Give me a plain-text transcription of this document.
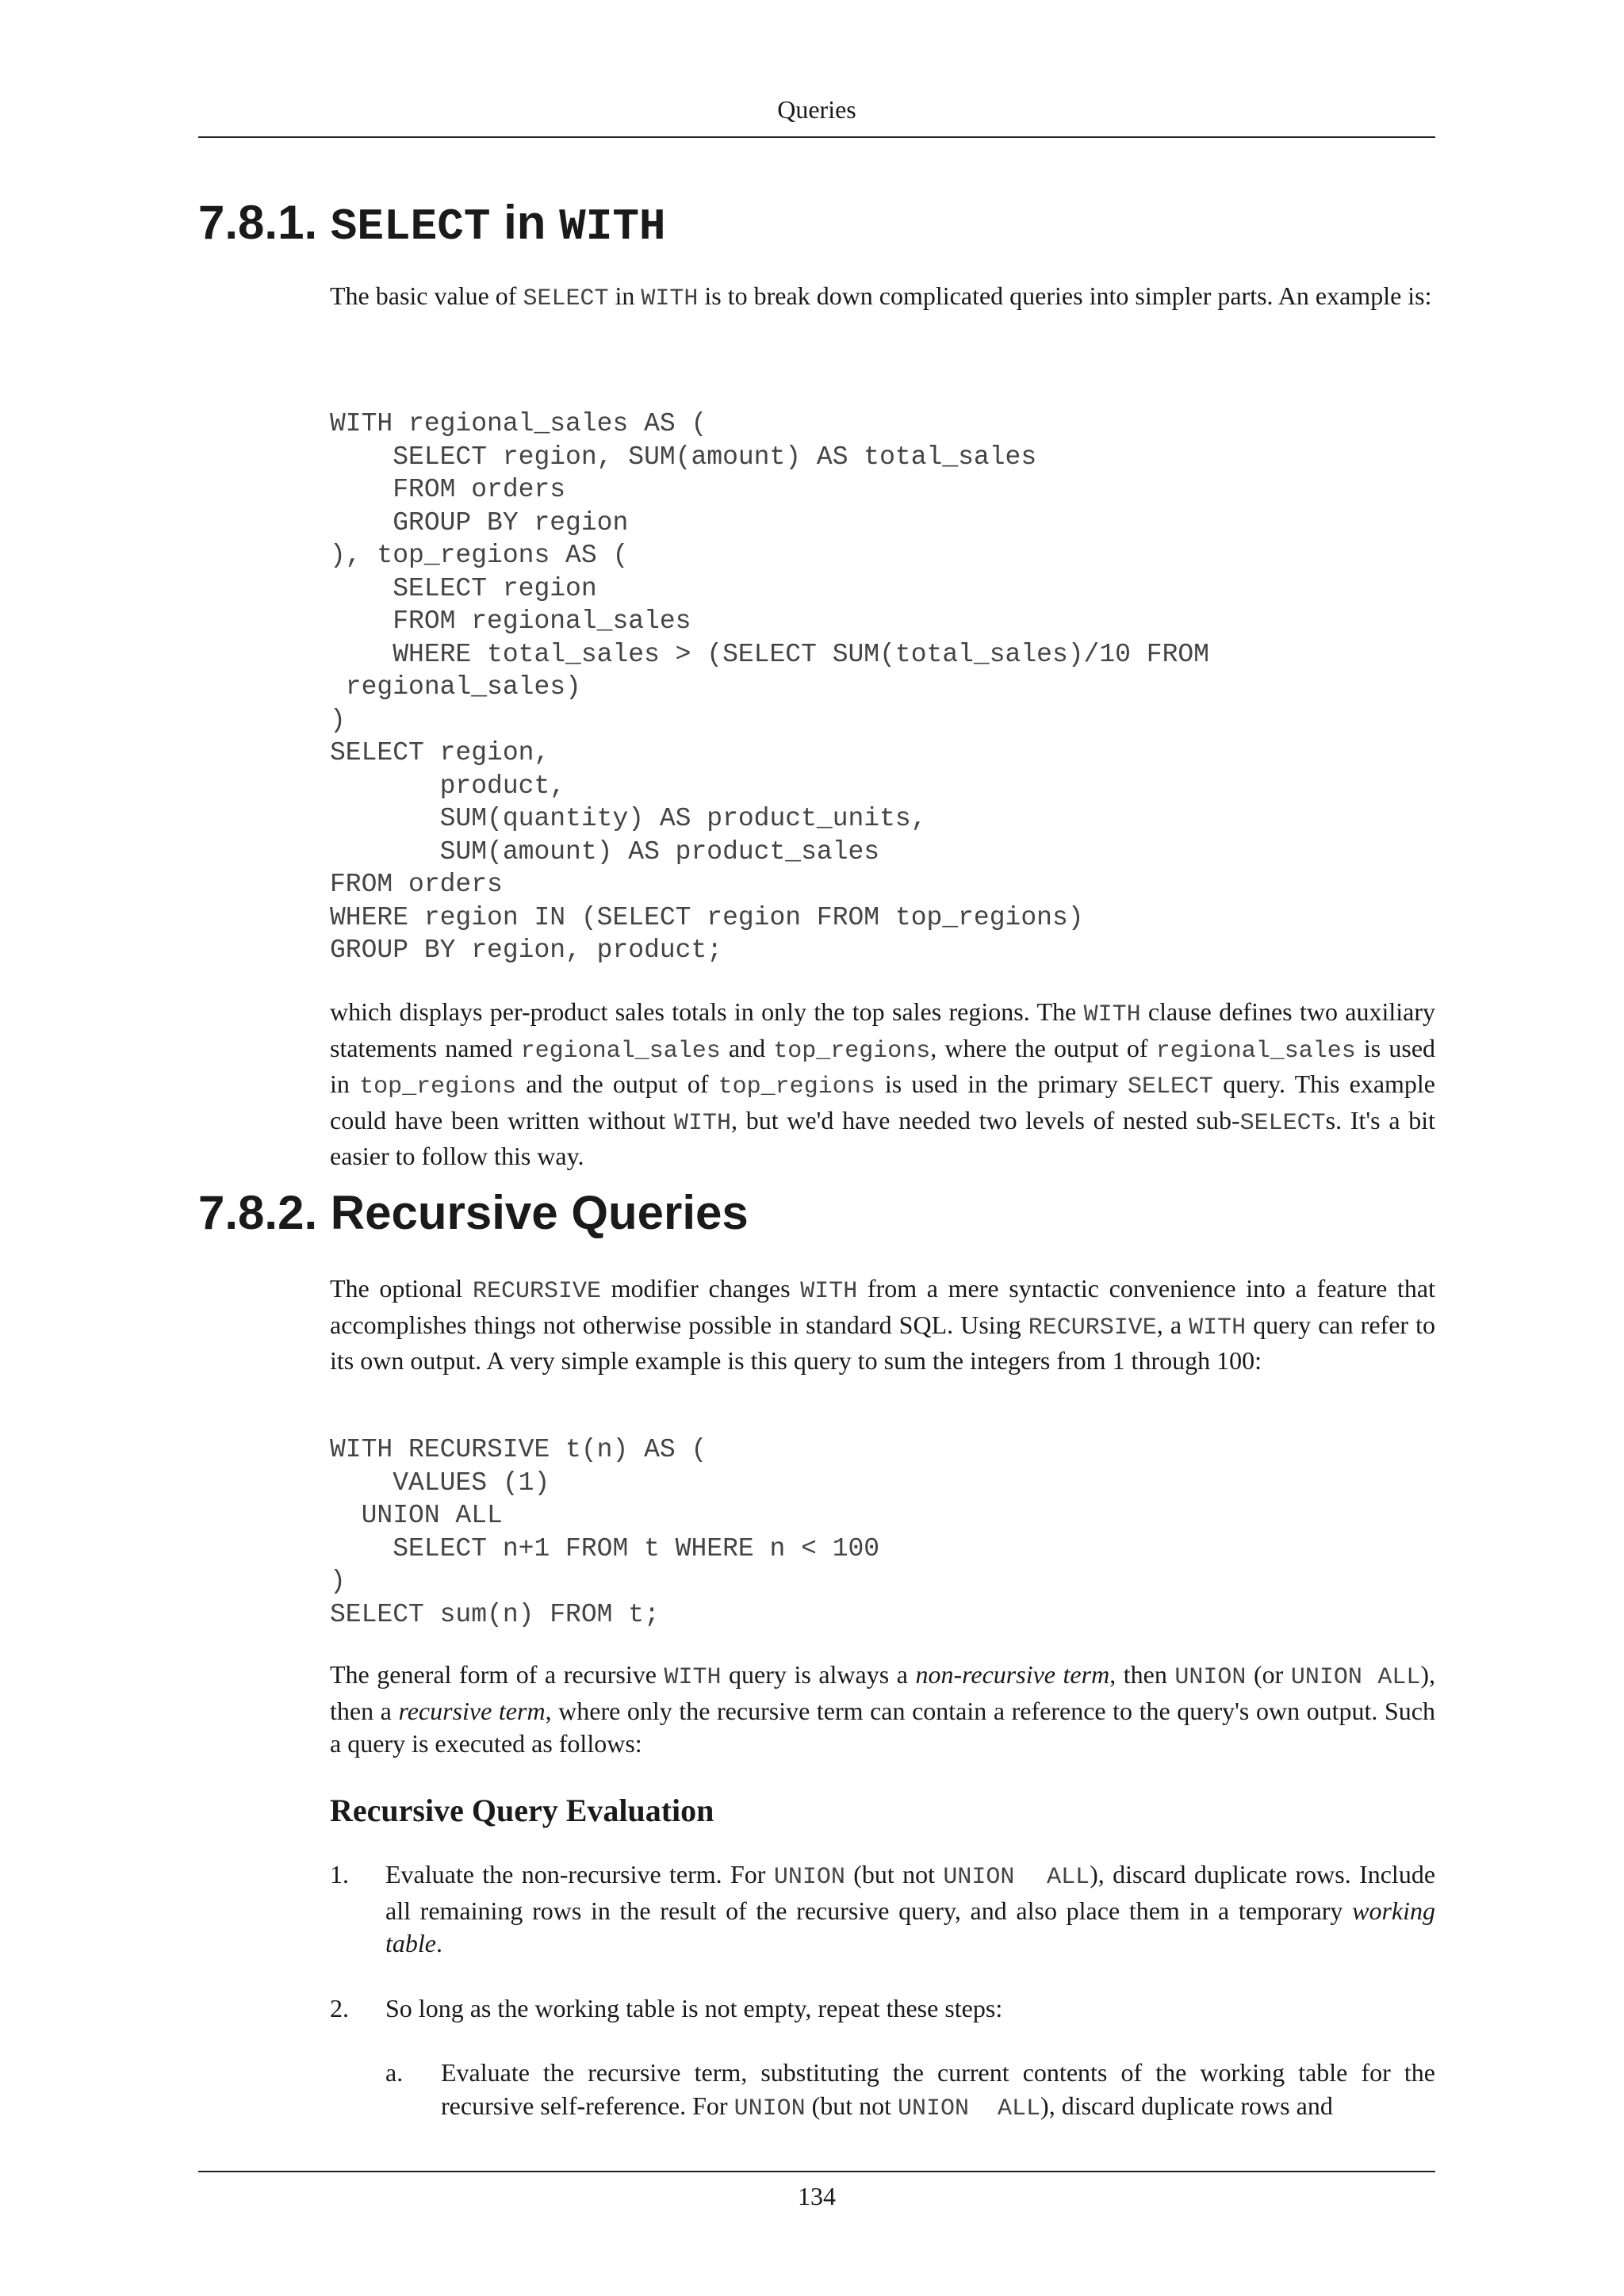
Queries
7.8.1. SELECT in WITH

The basic value of SELECT in WITH is to break down complicated queries into simpler parts. An example is:

WITH regional_sales AS (
SELECT region, SUM(amount) AS total_sales
FROM orders
GROUP BY region
), top_regions AS (
SELECT region
FROM regional_sales
WHERE total_sales > (SELECT SUM(total_sales)/10 FROM
regional_sales)
)
SELECT region,
product,
SUM(quantity) AS product_units,
SUM(amount) AS product_sales
FROM orders
WHERE region IN (SELECT region FROM top_regions)
GROUP BY region, product;

which displays per-product sales totals in only the top sales regions. The WITH clause defines two auxiliary statements named regional_sales and top_regions, where the output of regional_sales is used in top_regions and the output of top_regions is used in the primary SELECT query. This example could have been written without WITH, but we'd have needed two levels of nested sub-SELECTs. It's a bit easier to follow this way.

7.8.2. Recursive Queries

The optional RECURSIVE modifier changes WITH from a mere syntactic convenience into a feature that accomplishes things not otherwise possible in standard SQL. Using RECURSIVE, a WITH query can refer to its own output. A very simple example is this query to sum the integers from 1 through 100:

WITH RECURSIVE t(n) AS (
VALUES (1)
UNION ALL
SELECT n+1 FROM t WHERE n < 100
)
SELECT sum(n) FROM t;

The general form of a recursive WITH query is always a non-recursive term, then UNION (or UNION ALL), then a recursive term, where only the recursive term can contain a reference to the query's own output. Such a query is executed as follows:

Recursive Query Evaluation
1. Evaluate the non-recursive term. For UNION (but not UNION  ALL), discard duplicate rows. Include all remaining rows in the result of the recursive query, and also place them in a temporary working table.
2. So long as the working table is not empty, repeat these steps:
a. Evaluate the recursive term, substituting the current contents of the working table for the recursive self-reference. For UNION (but not UNION  ALL), discard duplicate rows and
134
